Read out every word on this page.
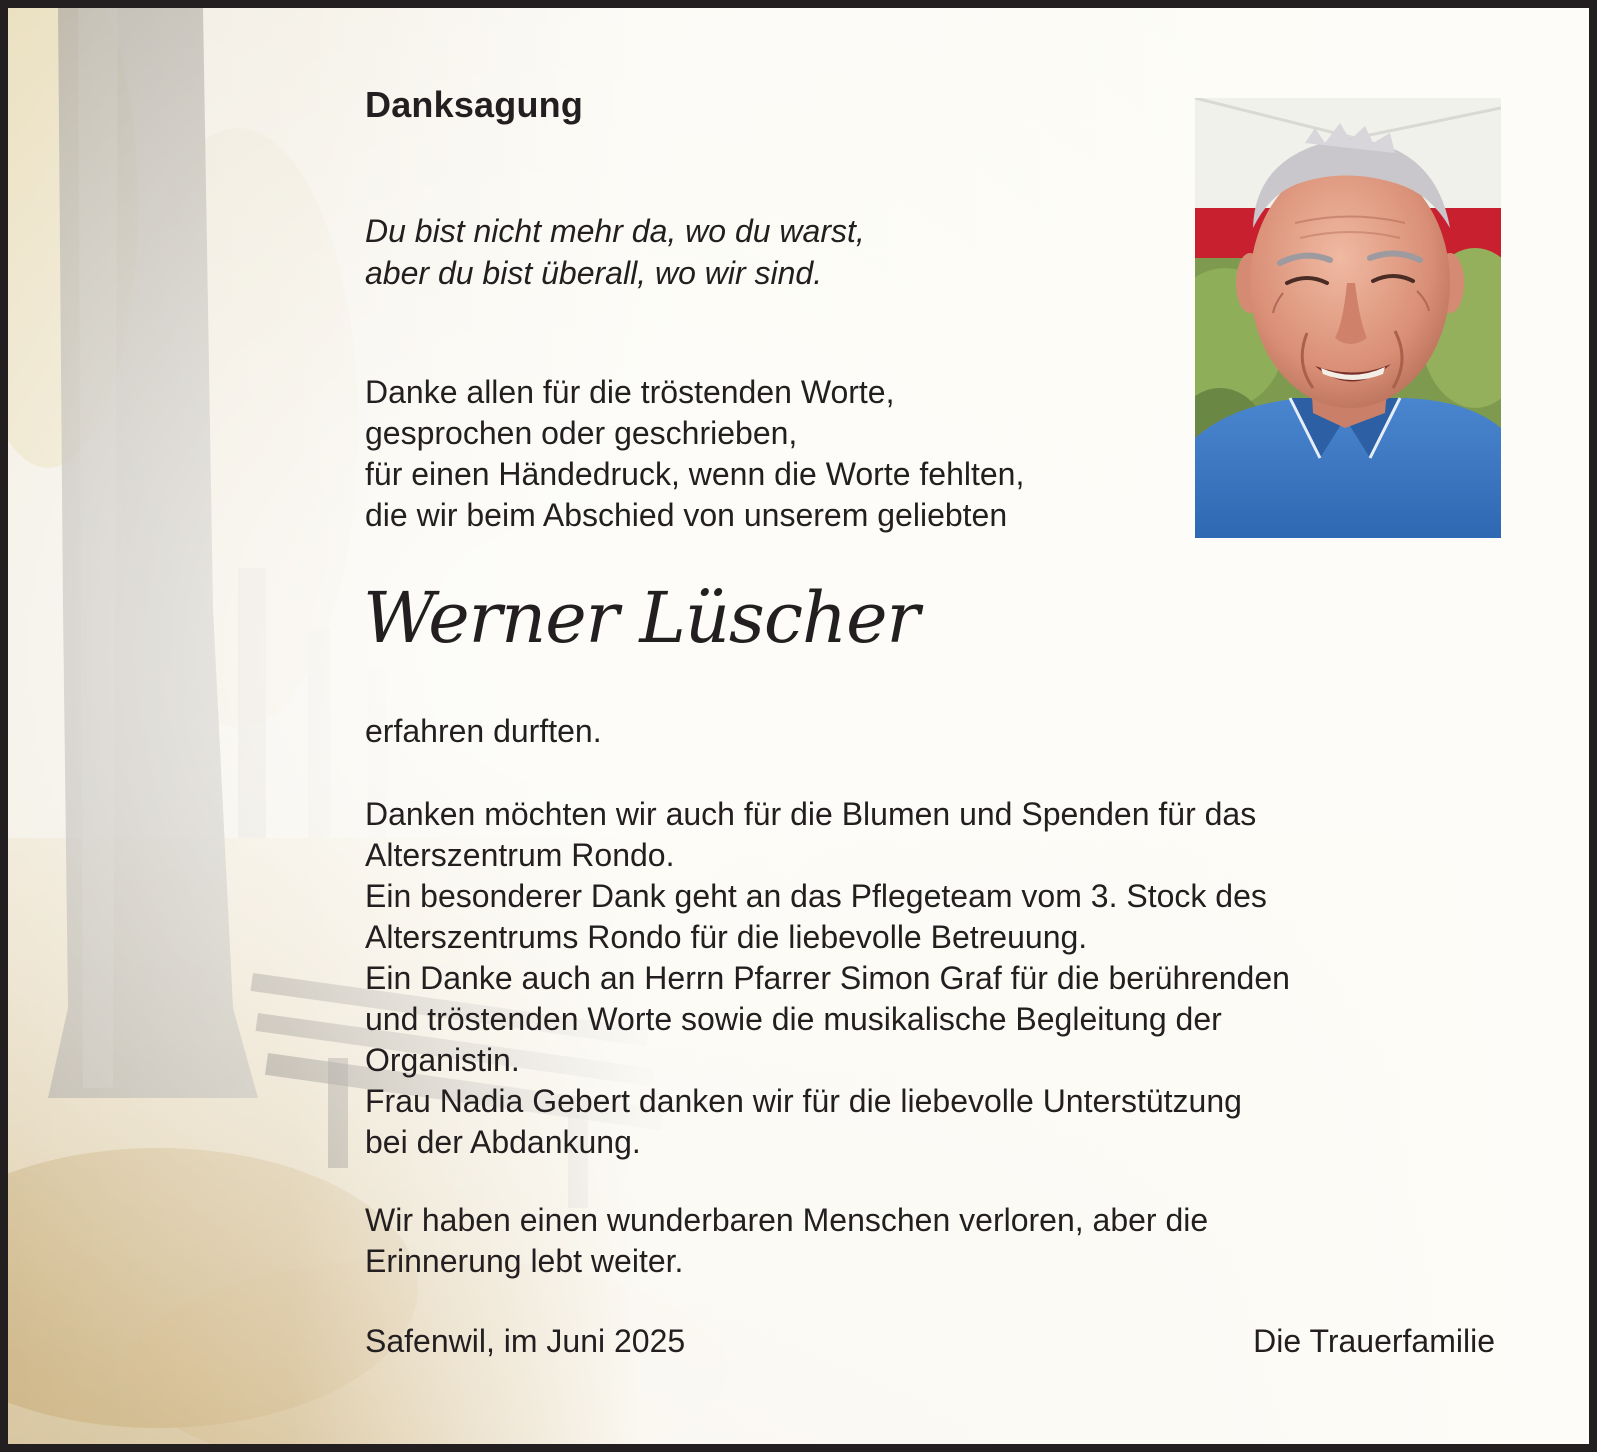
Danksagung
Du bist nicht mehr da, wo du warst,
aber du bist überall, wo wir sind.
Danke allen für die tröstenden Worte,
gesprochen oder geschrieben,
für einen Händedruck, wenn die Worte fehlten,
die wir beim Abschied von unserem geliebten
Werner Lüscher
erfahren durften.
Danken möchten wir auch für die Blumen und Spenden für das
Alterszentrum Rondo.
Ein besonderer Dank geht an das Pflegeteam vom 3. Stock des
Alterszentrums Rondo für die liebevolle Betreuung.
Ein Danke auch an Herrn Pfarrer Simon Graf für die berührenden
und tröstenden Worte sowie die musikalische Begleitung der
Organistin.
Frau Nadia Gebert danken wir für die liebevolle Unterstützung
bei der Abdankung.
Wir haben einen wunderbaren Menschen verloren, aber die
Erinnerung lebt weiter.
Safenwil, im Juni 2025	Die Trauerfamilie
